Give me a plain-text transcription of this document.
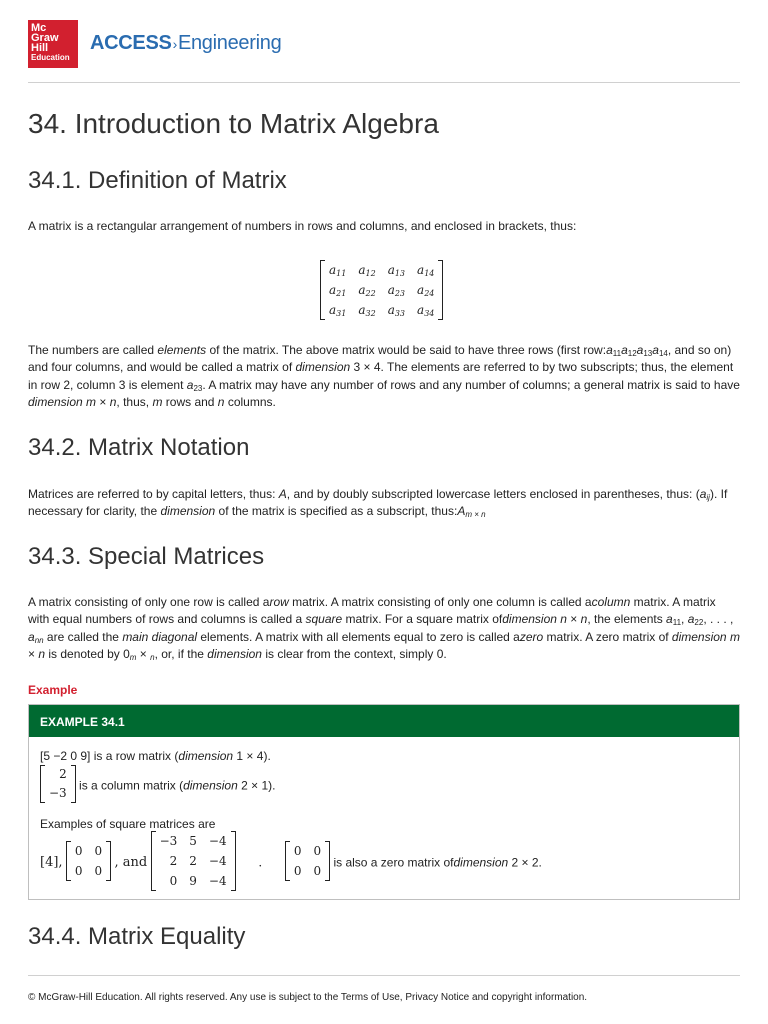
Mc
Graw
Hill
Education
ACCESS›Engineering
34. Introduction to Matrix Algebra
34.1. Definition of Matrix
A matrix is a rectangular arrangement of numbers in rows and columns, and enclosed in brackets, thus:
$a_{11}$	$a_{12}$	$a_{13}$	$a_{14}$
$a_{21}$	$a_{22}$	$a_{23}$	$a_{24}$
$a_{31}$	$a_{32}$	$a_{33}$	$a_{34}$
The numbers are called elements of the matrix. The above matrix would be said to have three rows (first $row:a_{11}a_{12}a_{13}a_{14}$, and so on) and four columns, and would be called a matrix of dimension 3 × 4. The elements are referred to by two subscripts; thus, the element in row 2, column 3 is element $a_{23}$. A matrix may have any number of rows and any number of columns; a general matrix is said to have dimension m × n, thus, m rows and n columns.
34.2. Matrix Notation
Matrices are referred to by capital letters, thus: A, and by doubly subscripted lowercase letters enclosed in parentheses, thus: $(a_{ij})$. If necessary for clarity, the dimension of the matrix is specified as a subscript, $thus:A_{m \times n}$
34.3. Special Matrices
A matrix consisting of only one row is called arow matrix. A matrix consisting of only one column is called acolumn matrix. A matrix with equal numbers of rows and columns is called a square matrix. For a square matrix ofdimension n × n, the elements $a_{11}$, $a_{22}$, . . . , $a_{nn}$ are called the main diagonal elements. A matrix with all elements equal to zero is called azero matrix. A zero matrix of dimension m × n is denoted by $0_m \times _n$, or, if the dimension is clear from the context, simply 0.
Example
EXAMPLE 34.1
[5 −2 0 9] is a row matrix (dimension 1 × 4).
2
−3
is a column matrix (dimension 2 × 1).
Examples of square matrices are
[4],
0	0
0	0
, and
−3	5	−4
2	2	−4
0	9	−4
.
0	0
0	0
is also a zero matrix ofdimension 2 × 2.
34.4. Matrix Equality
© McGraw-Hill Education. All rights reserved. Any use is subject to the Terms of Use, Privacy Notice and copyright information.
